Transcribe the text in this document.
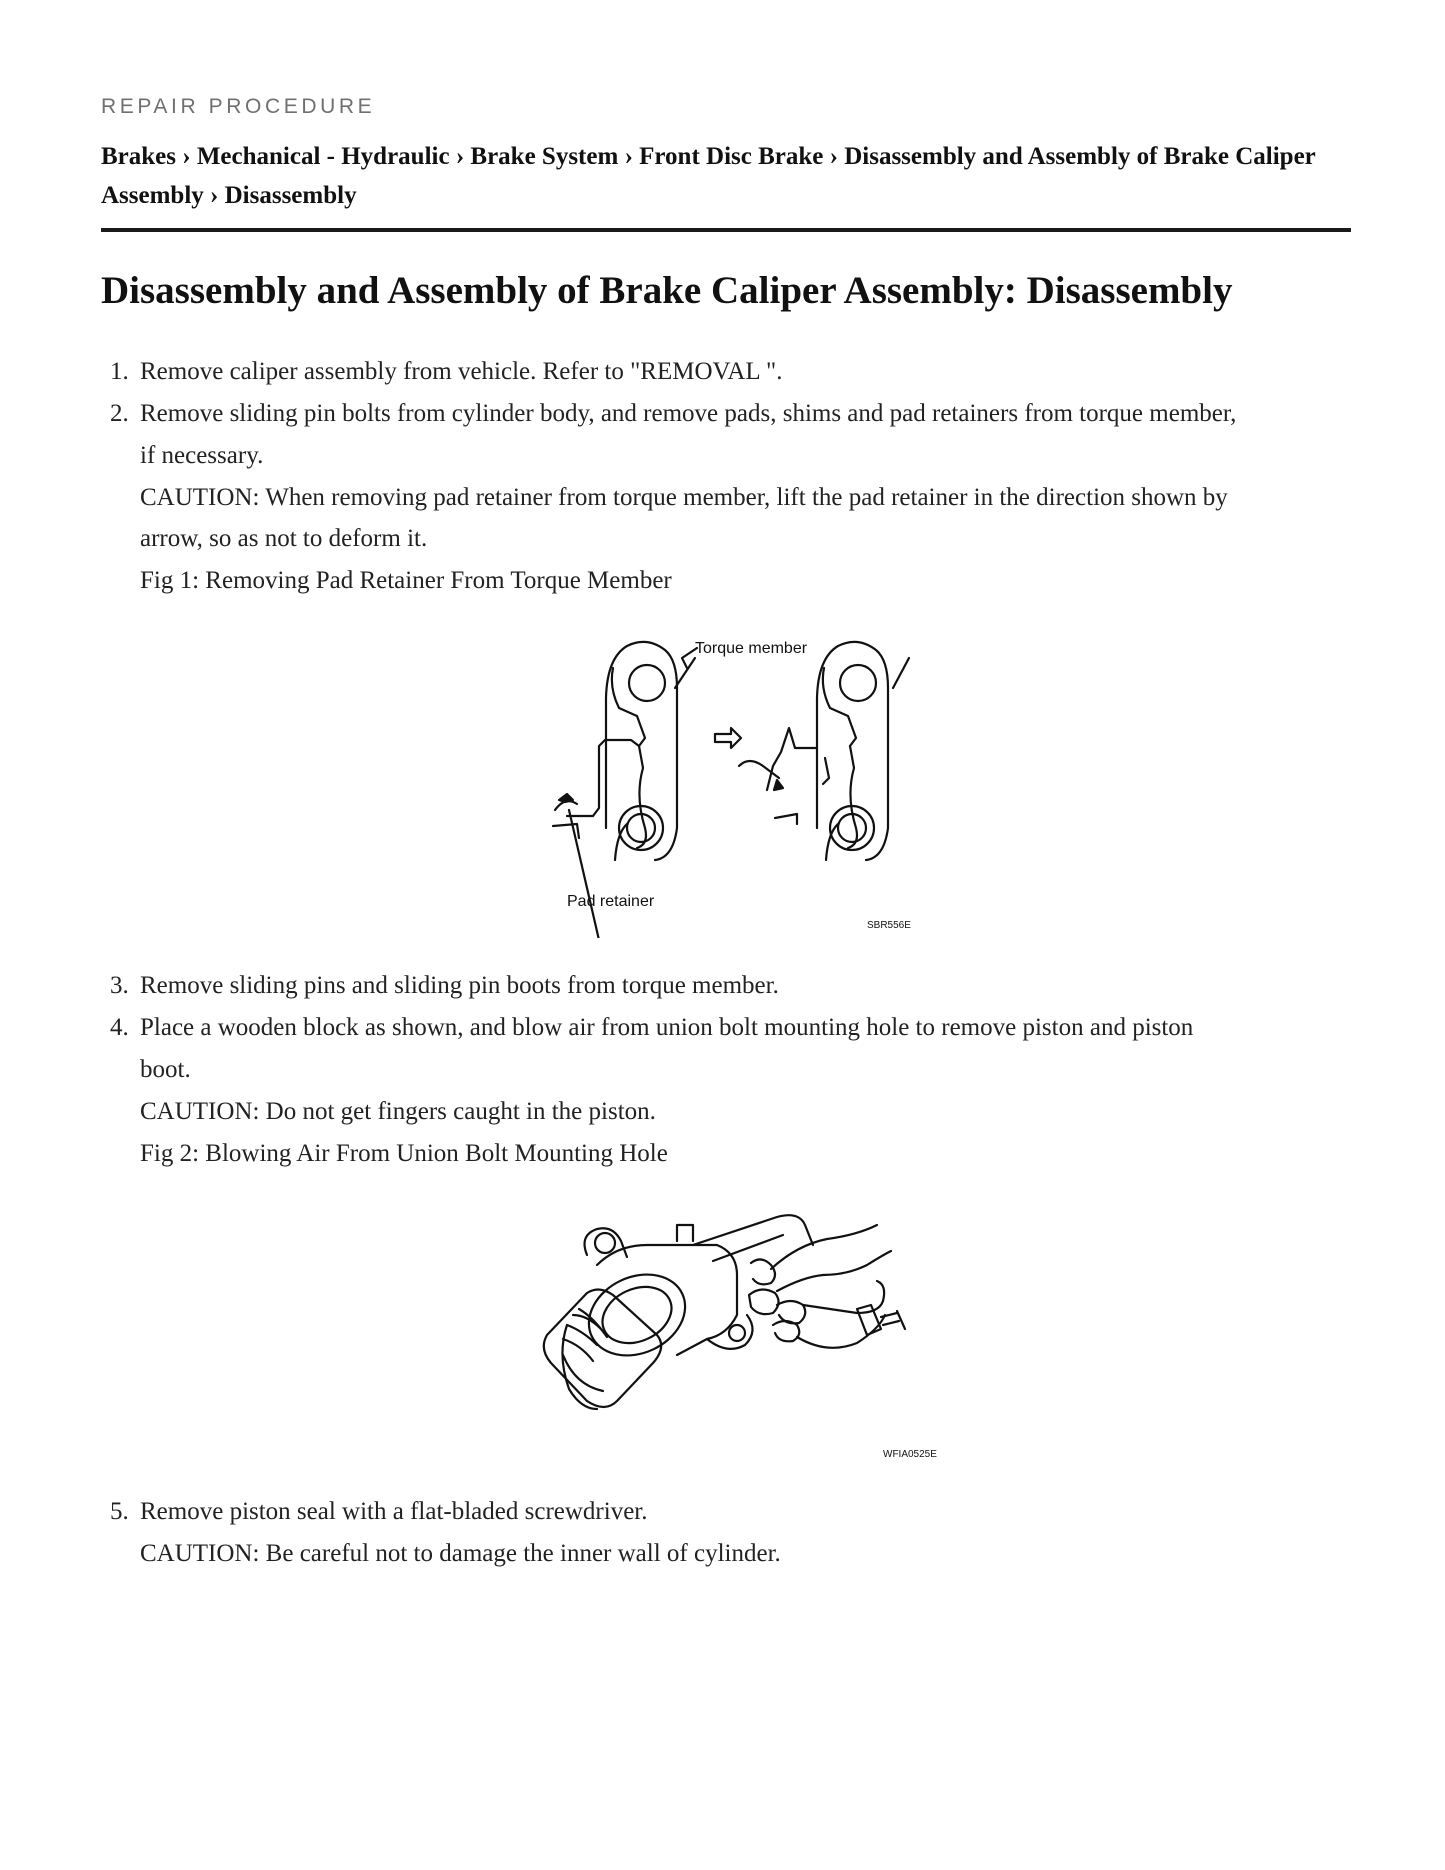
REPAIR PROCEDURE
Brakes › Mechanical - Hydraulic › Brake System › Front Disc Brake › Disassembly and Assembly of Brake Caliper Assembly › Disassembly
Disassembly and Assembly of Brake Caliper Assembly: Disassembly
1. Remove caliper assembly from vehicle. Refer to "REMOVAL ".
2. Remove sliding pin bolts from cylinder body, and remove pads, shims and pad retainers from torque member,
if necessary.
CAUTION: When removing pad retainer from torque member, lift the pad retainer in the direction shown by
arrow, so as not to deform it.
Fig 1: Removing Pad Retainer From Torque Member
Torque member
Pad retainer
SBR556E
3. Remove sliding pins and sliding pin boots from torque member.
4. Place a wooden block as shown, and blow air from union bolt mounting hole to remove piston and piston
boot.
CAUTION: Do not get fingers caught in the piston.
Fig 2: Blowing Air From Union Bolt Mounting Hole
WFIA0525E
5. Remove piston seal with a flat-bladed screwdriver.
CAUTION: Be careful not to damage the inner wall of cylinder.
